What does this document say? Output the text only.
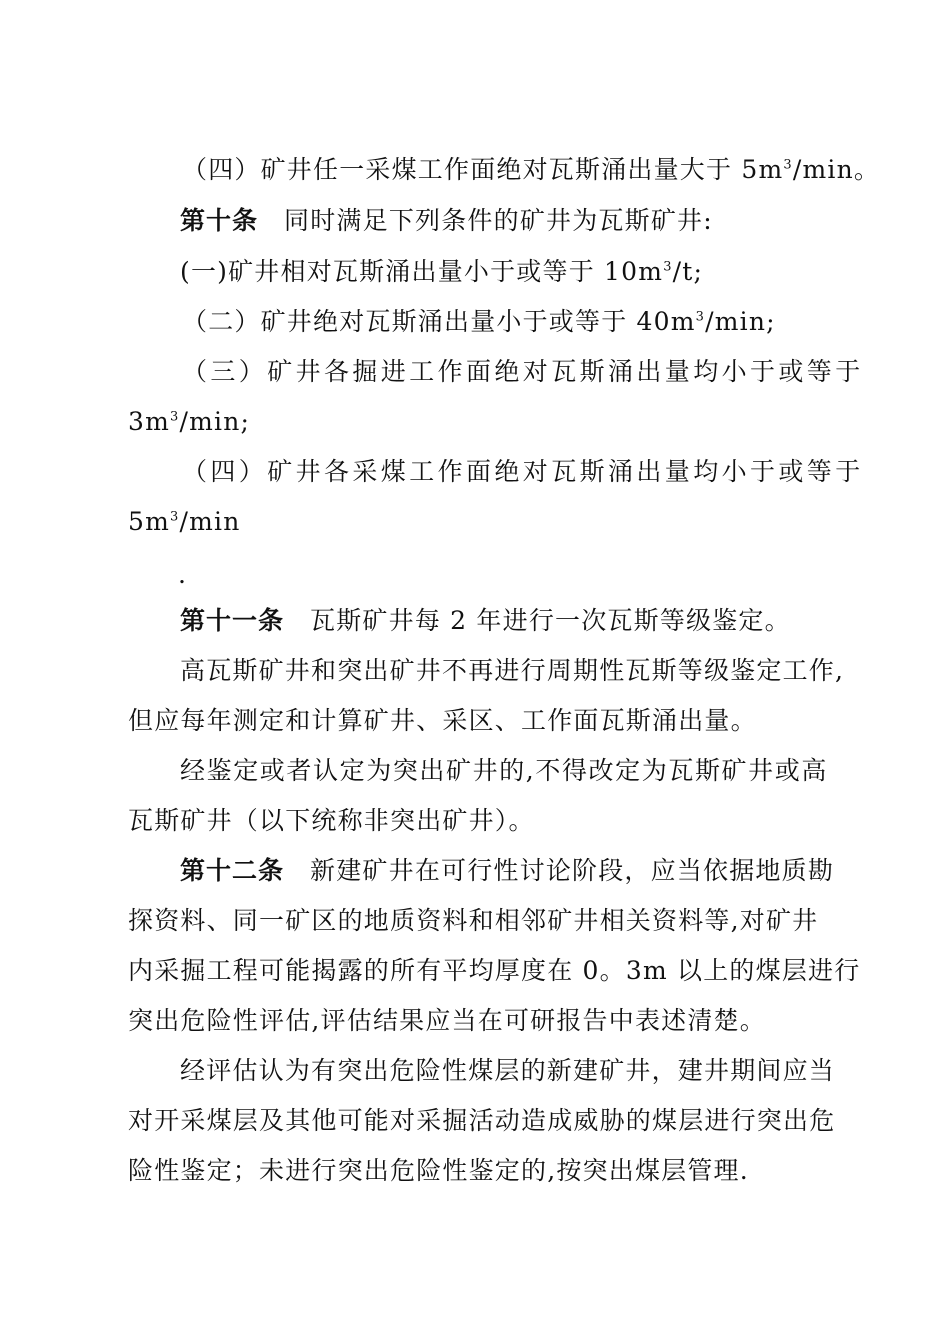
（四）矿井任一采煤工作面绝对瓦斯涌出量大于 $5m^3/\min$。
第十条 同时满足下列条件的矿井为瓦斯矿井:
(一)矿井相对瓦斯涌出量小于或等于 $10m^3/t$;
（二）矿井绝对瓦斯涌出量小于或等于 $40m^3/\min$;
（三）矿井各掘进工作面绝对瓦斯涌出量均小于或等于
$3m^3/\min$;
（四）矿井各采煤工作面绝对瓦斯涌出量均小于或等于
$5m^3/\min$
.
第十一条 瓦斯矿井每 2 年进行一次瓦斯等级鉴定。
高瓦斯矿井和突出矿井不再进行周期性瓦斯等级鉴定工作,
但应每年测定和计算矿井、采区、工作面瓦斯涌出量。
经鉴定或者认定为突出矿井的,不得改定为瓦斯矿井或高
瓦斯矿井（以下统称非突出矿井）。
第十二条 新建矿井在可行性讨论阶段，应当依据地质勘
探资料、同一矿区的地质资料和相邻矿井相关资料等,对矿井
内采掘工程可能揭露的所有平均厚度在 0。3m 以上的煤层进行
突出危险性评估,评估结果应当在可研报告中表述清楚。
经评估认为有突出危险性煤层的新建矿井，建井期间应当
对开采煤层及其他可能对采掘活动造成威胁的煤层进行突出危
险性鉴定；未进行突出危险性鉴定的,按突出煤层管理.
